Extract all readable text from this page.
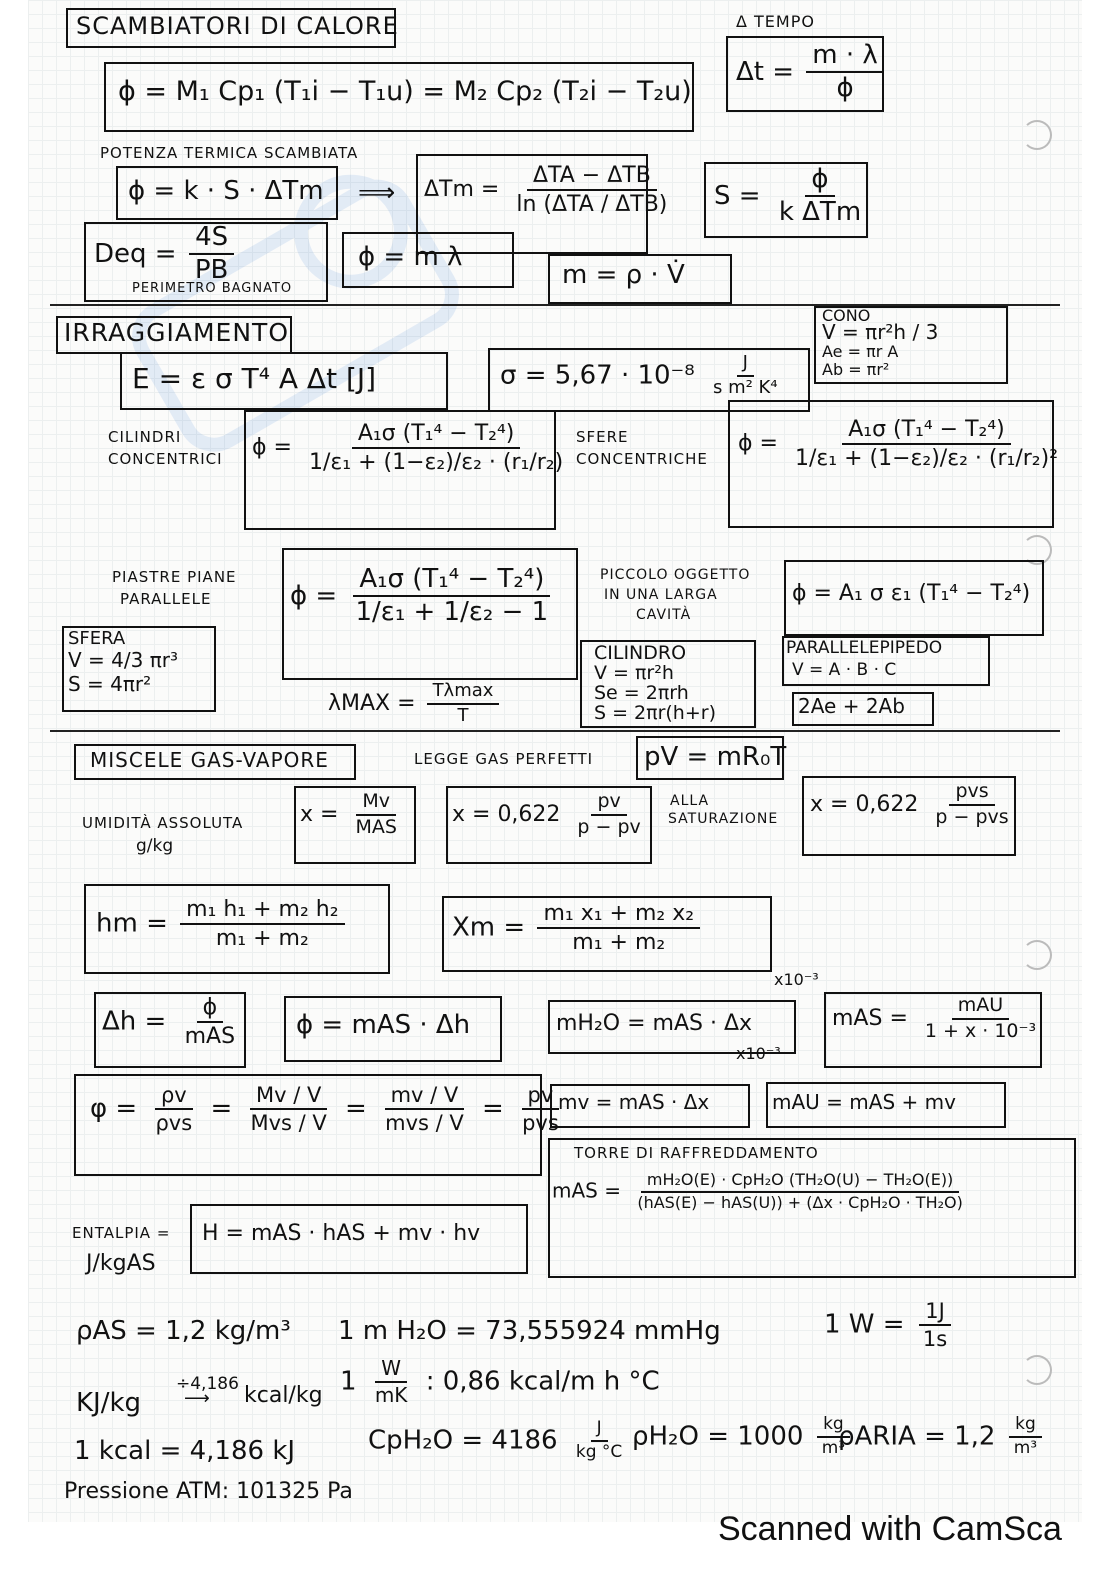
SCAMBIATORI DI CALORE
ϕ = M₁ Cp₁ (T₁i − T₁u) = M₂ Cp₂ (T₂i − T₂u)
Δ TEMPO
$\Delta t = \frac{m \cdot \lambda}{\phi}$
POTENZA TERMICA SCAMBIATA
ϕ = k · S · ΔTm ⟹ $\Delta Tm = \frac{\text{ΔTA − ΔTB}}{\text{ln (ΔTA / ΔTB)}}$ $S = \frac{\phi}{\text{k ΔTm}}$
Deq = $\frac{4S}{PB}$
PERIMETRO BAGNATO
ϕ = m λ
m = ρ · V̇
IRRAGGIAMENTO
E = ε σ T⁴ A Δt [J]	$\sigma = 5,67 \cdot 10^{-8} \frac{J}{\text{s m² K⁴}}$
CONO
V = πr²h / 3
Ae = πr A
Ab = πr²
CILINDRI
CONCENTRICI $\phi = \frac{\text{A₁σ (T₁⁴ − T₂⁴)}}{\text{1/ε₁ + (1−ε₂)/ε₂ · (r₁/r₂)}}$ SFERE
CONCENTRICHE
$\phi = \frac{\text{A₁σ (T₁⁴ − T₂⁴)}}{\text{1/ε₁ + (1−ε₂)/ε₂ · (r₁/r₂)²}}$
PIASTRE PIANE
PARALLELE	$\phi = \frac{\text{A₁σ (T₁⁴ − T₂⁴)}}{\text{1/ε₁ + 1/ε₂ − 1}}$	PICCOLO OGGETTO
IN UNA LARGA
CAVITÀ
ϕ = A₁ σ ε₁ (T₁⁴ − T₂⁴)
SFERA
V = 4/3 πr³
S = 4πr²
$\lambda MAX = \frac{T\lambda\max}{T}$
CILINDRO
V = πr²h
Se = 2πrh
S = 2πr(h+r)
PARALLELEPIPEDO
V = A · B · C
2Ae + 2Ab
MISCELE GAS-VAPORE	LEGGE GAS PERFETTI pV = mR₀T
UMIDITÀ ASSOLUTA
g/kg
$x = \frac{Mv}{\text{MAS}}$ $x = 0,622 \frac{pv}{p - pv}$ ALLA
SATURAZIONE
$x = 0,622 \frac{\text{pvs}}{\text{p − pvs}}$
hm = $\frac{\text{m₁ h₁ + m₂ h₂}}{\text{m₁ + m₂}}$	$Xm = \frac{\text{m₁ x₁ + m₂ x₂}}{\text{m₁ + m₂}}$
x10⁻³
x10⁻³
$\Delta h = \frac{\phi}{\text{mAS}}$ ϕ = mAS · Δh	mH₂O = mAS · Δx	mAS = $\frac{\text{mAU}}{\text{1 + x · 10⁻³}}$
$\varphi = \frac{\rho v}{\text{ρvs}} = \frac{Mv / V}{\text{Mvs / V}} = \frac{mv / V}{\text{mvs / V}} = \frac{pv}{\text{pvs}}$
mv = mAS · Δx	mAU = mAS + mv
TORRE DI RAFFREDDAMENTO
mAS = $\frac{\text{mH₂O(E) · CpH₂O (TH₂O(U) − TH₂O(E))}}{\text{(hAS(E) − hAS(U)) + (Δx · CpH₂O · TH₂O)}}$
ENTALPIA =
J/kgAS
H = mAS · hAS + mv · hv
ρAS = 1,2 kg/m³ 1 m H₂O = 73,555924 mmHg	1 $W = \frac{1J}{1s}$
KJ/kg
÷4,186
⟶ kcal/kg $1 \frac{W}{mK}$ : 0,86 kcal/m h °C
1 kcal = 4,186 kJ	$CpH_2O = 4186 \frac{J}{kg ^\circ C} \rho H_2O = 1000 \frac{kg}{\text{m³}}$
ρARIA = $1,2 \frac{kg}{\text{m³}}$
Pressione ATM: 101325 Pa
Scanned with CamSca
